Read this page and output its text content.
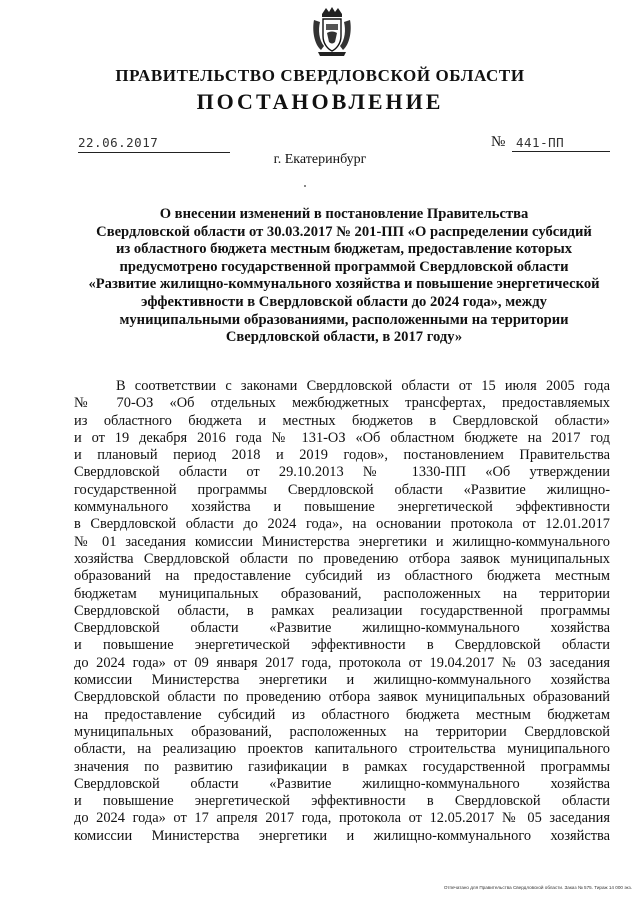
ПРАВИТЕЛЬСТВО СВЕРДЛОВСКОЙ ОБЛАСТИ
ПОСТАНОВЛЕНИЕ
22.06.2017	№ 441-ПП
г. Екатеринбург
О внесении изменений в постановление Правительства
Свердловской области от 30.03.2017 № 201-ПП «О распределении субсидий
из областного бюджета местным бюджетам, предоставление которых
предусмотрено государственной программой Свердловской области
«Развитие жилищно-коммунального хозяйства и повышение энергетической
эффективности в Свердловской области до 2024 года», между
муниципальными образованиями, расположенными на территории
Свердловской области, в 2017 году»
В соответствии с законами Свердловской области от 15 июля 2005 года
№ 70-ОЗ «Об отдельных межбюджетных трансфертах, предоставляемых
из областного бюджета и местных бюджетов в Свердловской области»
и от 19 декабря 2016 года № 131-ОЗ «Об областном бюджете на 2017 год
и плановый период 2018 и 2019 годов», постановлением Правительства
Свердловской области от 29.10.2013 № 1330-ПП «Об утверждении
государственной программы Свердловской области «Развитие жилищно-
коммунального хозяйства и повышение энергетической эффективности
в Свердловской области до 2024 года», на основании протокола от 12.01.2017
№ 01 заседания комиссии Министерства энергетики и жилищно-коммунального
хозяйства Свердловской области по проведению отбора заявок муниципальных
образований на предоставление субсидий из областного бюджета местным
бюджетам муниципальных образований, расположенных на территории
Свердловской области, в рамках реализации государственной программы
Свердловской области «Развитие жилищно-коммунального хозяйства
и повышение энергетической эффективности в Свердловской области
до 2024 года» от 09 января 2017 года, протокола от 19.04.2017 № 03 заседания
комиссии Министерства энергетики и жилищно-коммунального хозяйства
Свердловской области по проведению отбора заявок муниципальных образований
на предоставление субсидий из областного бюджета местным бюджетам
муниципальных образований, расположенных на территории Свердловской
области, на реализацию проектов капитального строительства муниципального
значения по развитию газификации в рамках государственной программы
Свердловской области «Развитие жилищно-коммунального хозяйства
и повышение энергетической эффективности в Свердловской области
до 2024 года» от 17 апреля 2017 года, протокола от 12.05.2017 № 05 заседания
комиссии Министерства энергетики и жилищно-коммунального хозяйства
Отпечатано для Правительства Свердловской области. Заказ № 575. Тираж 14 000 экз.
